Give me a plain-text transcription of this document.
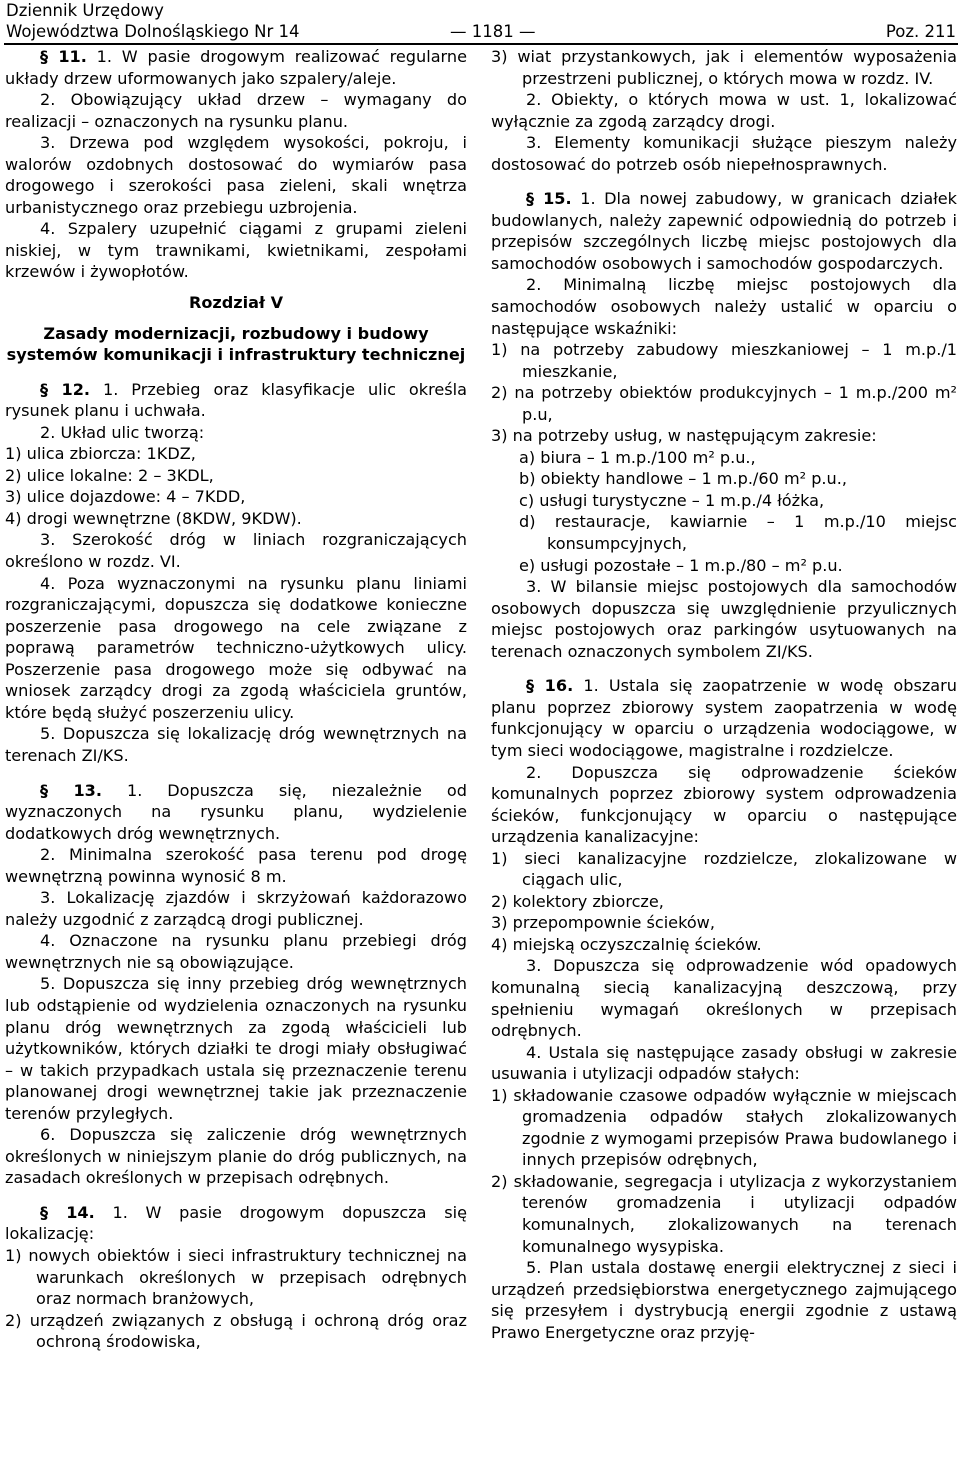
Dziennik Urzędowy
Województwa Dolnośląskiego Nr 14	— 1181 —	Poz. 211

§ 11. 1. W pasie drogowym realizować regularne układy drzew uformowanych jako szpalery/aleje.

2. Obowiązujący układ drzew – wymagany do realizacji – oznaczonych na rysunku planu.

3. Drzewa pod względem wysokości, pokroju, i walorów ozdobnych dostosować do wymiarów pasa drogowego i szerokości pasa zieleni, skali wnętrza urbanistycznego oraz przebiegu uzbrojenia.

4. Szpalery uzupełnić ciągami z grupami zieleni niskiej, w tym trawnikami, kwietnikami, zespołami krzewów i żywopłotów.

Rozdział V

Zasady modernizacji, rozbudowy i budowy systemów komunikacji i infrastruktury technicznej

§ 12. 1. Przebieg oraz klasyfikacje ulic określa rysunek planu i uchwała.

2. Układ ulic tworzą:

1) ulica zbiorcza: 1KDZ,

2) ulice lokalne: 2 – 3KDL,

3) ulice dojazdowe: 4 – 7KDD,

4) drogi wewnętrzne (8KDW, 9KDW).

3. Szerokość dróg w liniach rozgraniczających określono w rozdz. VI.

4. Poza wyznaczonymi na rysunku planu liniami rozgraniczającymi, dopuszcza się dodatkowe konieczne poszerzenie pasa drogowego na cele związane z poprawą parametrów techniczno-użytkowych ulicy. Poszerzenie pasa drogowego może się odbywać na wniosek zarządcy drogi za zgodą właściciela gruntów, które będą służyć poszerzeniu ulicy.

5. Dopuszcza się lokalizację dróg wewnętrznych na terenach ZI/KS.

§ 13. 1. Dopuszcza się, niezależnie od wyznaczonych na rysunku planu, wydzielenie dodatkowych dróg wewnętrznych.

2. Minimalna szerokość pasa terenu pod drogę wewnętrzną powinna wynosić 8 m.

3. Lokalizację zjazdów i skrzyżowań każdorazowo należy uzgodnić z zarządcą drogi publicznej.

4. Oznaczone na rysunku planu przebiegi dróg wewnętrznych nie są obowiązujące.

5. Dopuszcza się inny przebieg dróg wewnętrznych lub odstąpienie od wydzielenia oznaczonych na rysunku planu dróg wewnętrznych za zgodą właścicieli lub użytkowników, których działki te drogi miały obsługiwać – w takich przypadkach ustala się przeznaczenie terenu planowanej drogi wewnętrznej takie jak przeznaczenie terenów przyległych.

6. Dopuszcza się zaliczenie dróg wewnętrznych określonych w niniejszym planie do dróg publicznych, na zasadach określonych w przepisach odrębnych.

§ 14. 1. W pasie drogowym dopuszcza się lokalizację:

1) nowych obiektów i sieci infrastruktury technicznej na warunkach określonych w przepisach odrębnych oraz normach branżowych,

2) urządzeń związanych z obsługą i ochroną dróg oraz ochroną środowiska,

3) wiat przystankowych, jak i elementów wyposażenia przestrzeni publicznej, o których mowa w rozdz. IV.

2. Obiekty, o których mowa w ust. 1, lokalizować wyłącznie za zgodą zarządcy drogi.

3. Elementy komunikacji służące pieszym należy dostosować do potrzeb osób niepełnosprawnych.

§ 15. 1. Dla nowej zabudowy, w granicach działek budowlanych, należy zapewnić odpowiednią do potrzeb i przepisów szczególnych liczbę miejsc postojowych dla samochodów osobowych i samochodów gospodarczych.

2. Minimalną liczbę miejsc postojowych dla samochodów osobowych należy ustalić w oparciu o następujące wskaźniki:

1) na potrzeby zabudowy mieszkaniowej – 1 m.p./1 mieszkanie,

2) na potrzeby obiektów produkcyjnych – 1 m.p./200 m² p.u,

3) na potrzeby usług, w następującym zakresie:

a) biura – 1 m.p./100 m² p.u.,

b) obiekty handlowe – 1 m.p./60 m² p.u.,

c) usługi turystyczne – 1 m.p./4 łóżka,

d) restauracje, kawiarnie – 1 m.p./10 miejsc konsumpcyjnych,

e) usługi pozostałe – 1 m.p./80 – m² p.u.

3. W bilansie miejsc postojowych dla samochodów osobowych dopuszcza się uwzględnienie przyulicznych miejsc postojowych oraz parkingów usytuowanych na terenach oznaczonych symbolem ZI/KS.

§ 16. 1. Ustala się zaopatrzenie w wodę obszaru planu poprzez zbiorowy system zaopatrzenia w wodę funkcjonujący w oparciu o urządzenia wodociągowe, w tym sieci wodociągowe, magistralne i rozdzielcze.

2. Dopuszcza się odprowadzenie ścieków komunalnych poprzez zbiorowy system odprowadzenia ścieków, funkcjonujący w oparciu o następujące urządzenia kanalizacyjne:

1) sieci kanalizacyjne rozdzielcze, zlokalizowane w ciągach ulic,

2) kolektory zbiorcze,

3) przepompownie ścieków,

4) miejską oczyszczalnię ścieków.

3. Dopuszcza się odprowadzenie wód opadowych komunalną siecią kanalizacyjną deszczową, przy spełnieniu wymagań określonych w przepisach odrębnych.

4. Ustala się następujące zasady obsługi w zakresie usuwania i utylizacji odpadów stałych:

1) składowanie czasowe odpadów wyłącznie w miejscach gromadzenia odpadów stałych zlokalizowanych zgodnie z wymogami przepisów Prawa budowlanego i innych przepisów odrębnych,

2) składowanie, segregacja i utylizacja z wykorzystaniem terenów gromadzenia i utylizacji odpadów komunalnych, zlokalizowanych na terenach komunalnego wysypiska.

5. Plan ustala dostawę energii elektrycznej z sieci i urządzeń przedsiębiorstwa energetycznego zajmującego się przesyłem i dystrybucją energii zgodnie z ustawą Prawo Energetyczne oraz przyję-
